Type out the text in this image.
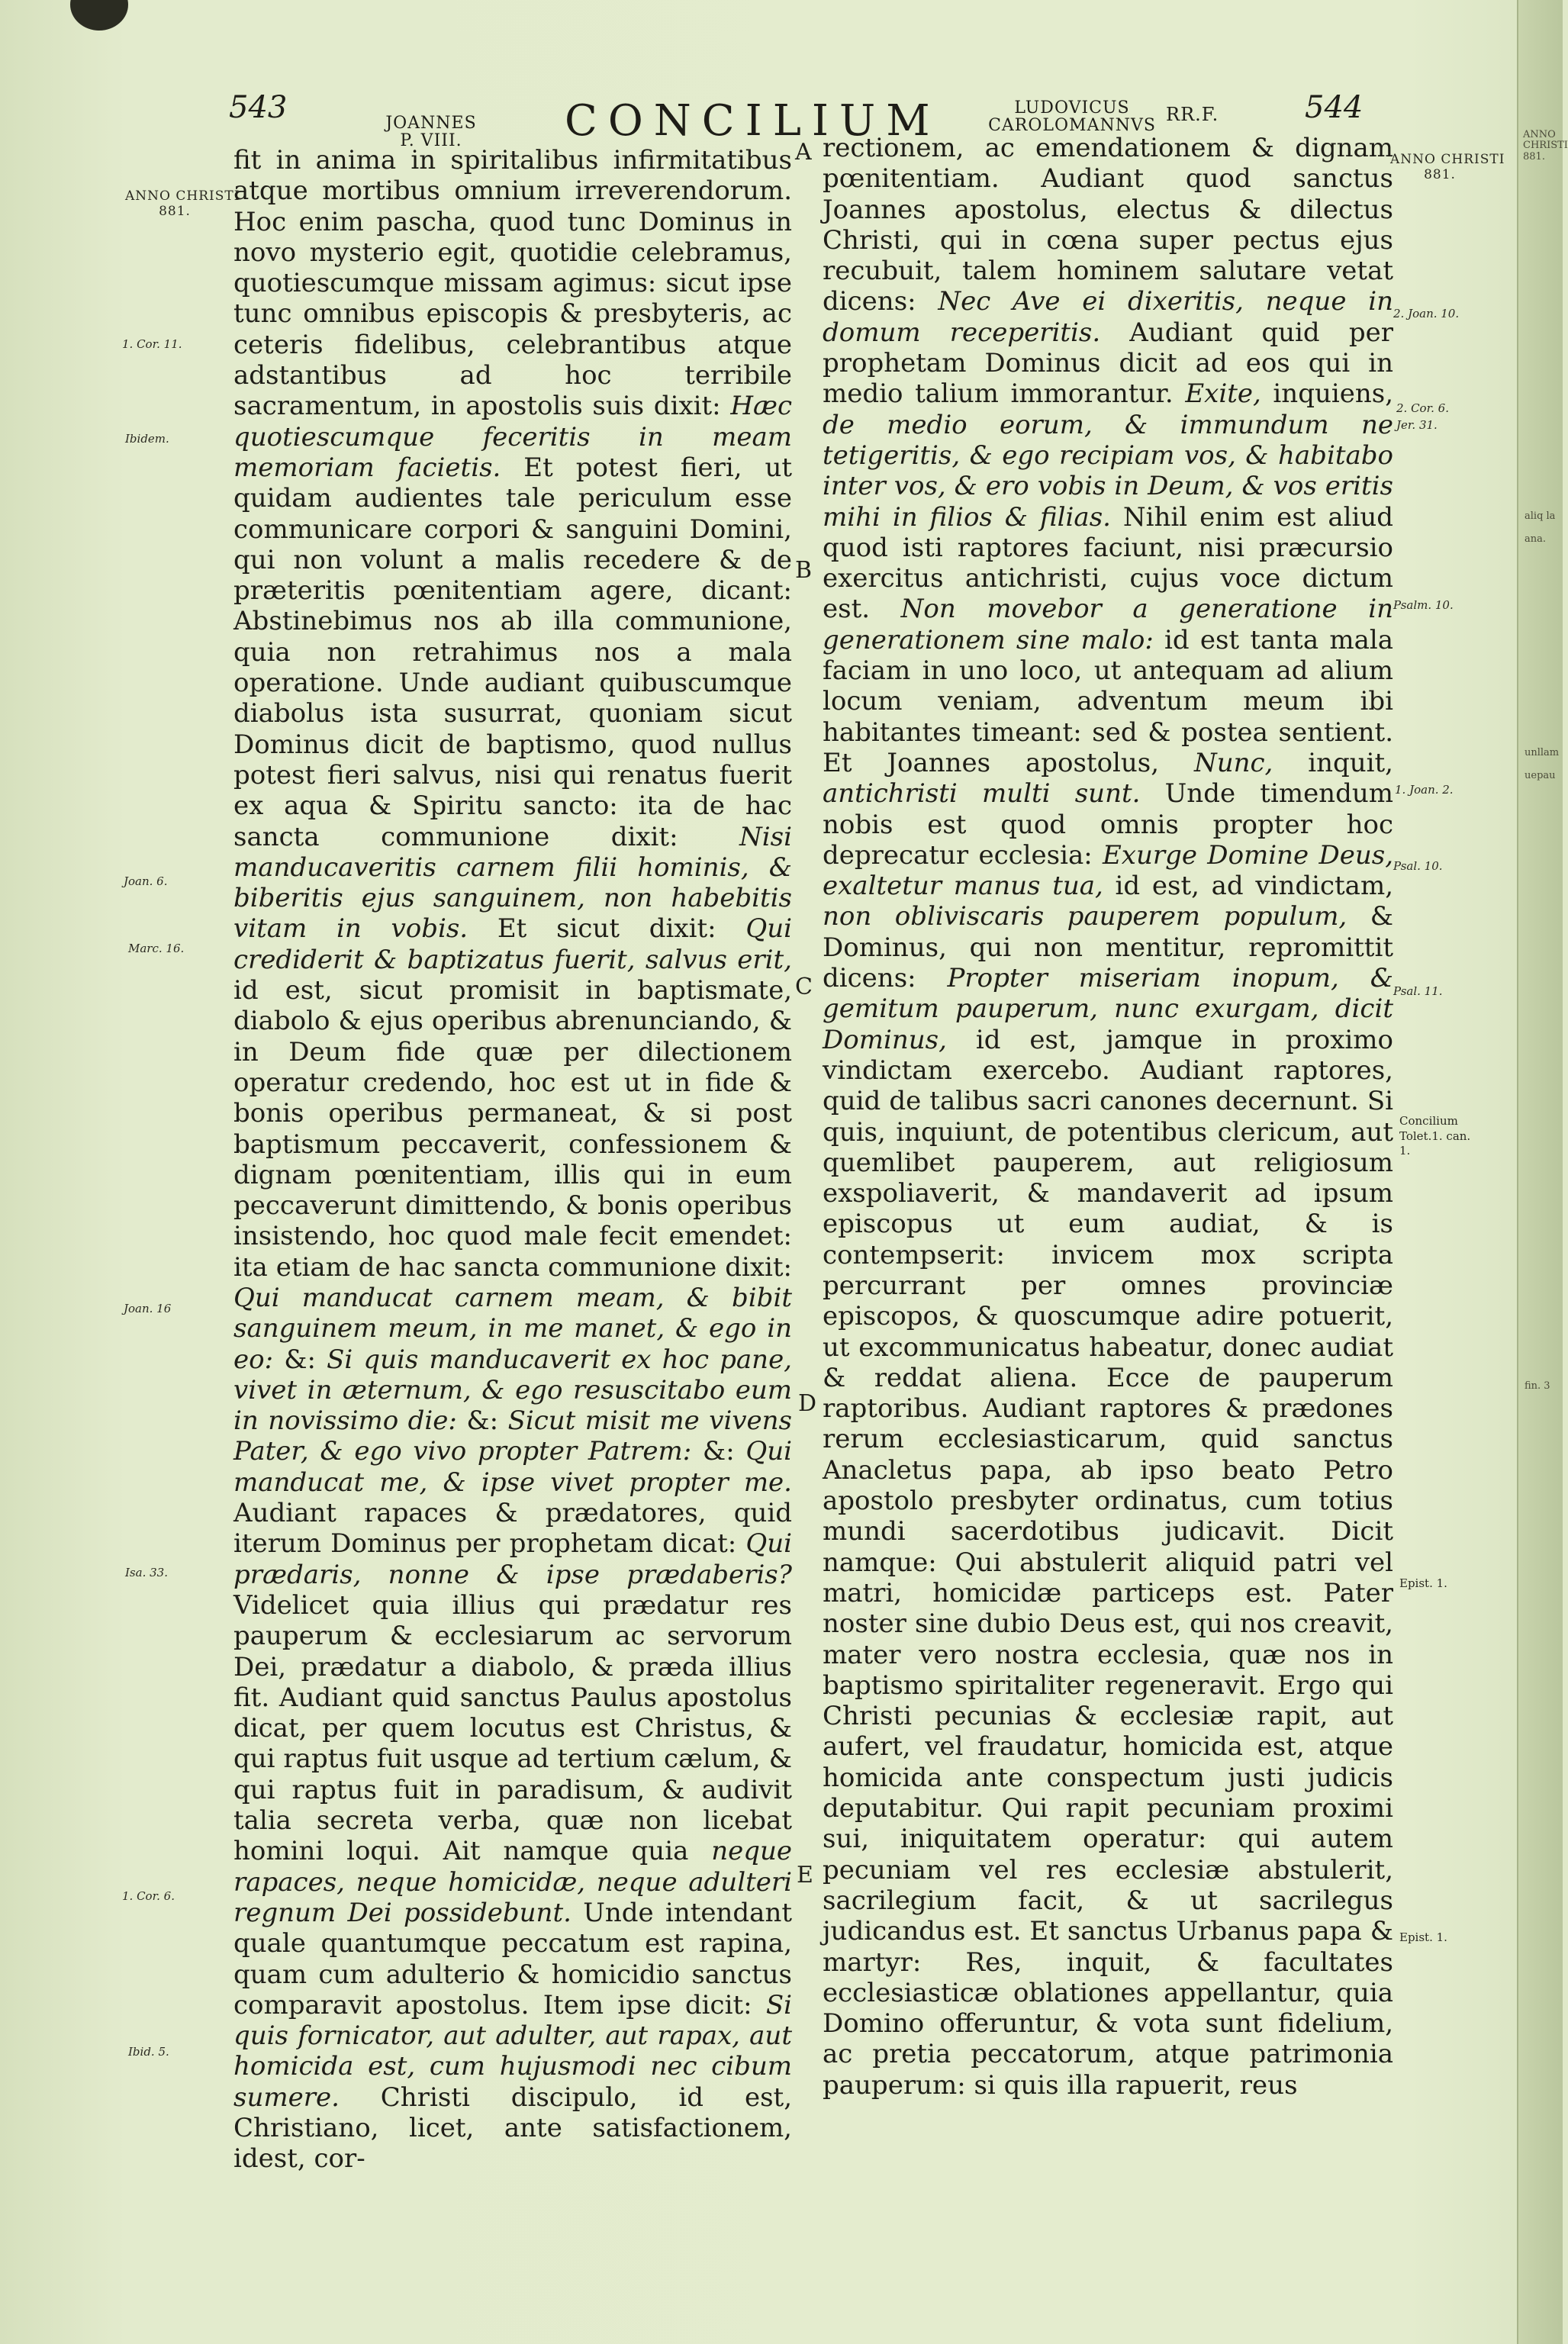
ANNO CHRISTI 881.
aliq la
ana.
unllam
uepau
fin. 3
543	JOANNES
P. VIII.	CONCILIUM	LUDOVICUS
CAROLOMANNVS
RR.F.	544
ANNO CHRISTI
881.
1. Cor. 11.
Ibidem.
Joan. 6.
Marc. 16.
Joan. 16
Isa. 33.
1. Cor. 6.
Ibid. 5.
ANNO CHRISTI
881.
2. Joan. 10.
2. Cor. 6.
Jer. 31.
Psalm. 10.
1. Joan. 2.
Psal. 10.
Psal. 11.
Concilium Tolet.1. can. 1.
Epist. 1.
Epist. 1.
A
B
C
D
E

fit in anima in spiritalibus infirmitatibus atque mortibus omnium irreverendorum. Hoc enim pascha, quod tunc Dominus in novo mysterio egit, quotidie celebramus, quotiescumque missam agimus: sicut ipse tunc omnibus episcopis & presbyteris, ac ceteris fidelibus, celebrantibus atque adstantibus ad hoc terribile sacramentum, in apostolis suis dixit: Hæc quotiescumque feceritis in meam memoriam facietis. Et potest fieri, ut quidam audientes tale periculum esse communicare corpori & sanguini Domini, qui non volunt a malis recedere & de præteritis pœnitentiam agere, dicant: Abstinebimus nos ab illa communione, quia non retrahimus nos a mala operatione. Unde audiant quibuscumque diabolus ista susurrat, quoniam sicut Dominus dicit de baptismo, quod nullus potest fieri salvus, nisi qui renatus fuerit ex aqua & Spiritu sancto: ita de hac sancta communione dixit: Nisi manducaveritis carnem filii hominis, & biberitis ejus sanguinem, non habebitis vitam in vobis. Et sicut dixit: Qui crediderit & baptizatus fuerit, salvus erit, id est, sicut promisit in baptismate, diabolo & ejus operibus abrenunciando, & in Deum fide quæ per dilectionem operatur credendo, hoc est ut in fide & bonis operibus permaneat, & si post baptismum peccaverit, confessionem & dignam pœnitentiam, illis qui in eum peccaverunt dimittendo, & bonis operibus insistendo, hoc quod male fecit emendet: ita etiam de hac sancta communione dixit: Qui manducat carnem meam, & bibit sanguinem meum, in me manet, & ego in eo: &: Si quis manducaverit ex hoc pane, vivet in æternum, & ego resuscitabo eum in novissimo die: &: Sicut misit me vivens Pater, & ego vivo propter Patrem: &: Qui manducat me, & ipse vivet propter me. Audiant rapaces & prædatores, quid iterum Dominus per prophetam dicat: Qui prædaris, nonne & ipse prædaberis? Videlicet quia illius qui prædatur res pauperum & ecclesiarum ac servorum Dei, prædatur a diabolo, & præda illius fit. Audiant quid sanctus Paulus apostolus dicat, per quem locutus est Christus, & qui raptus fuit usque ad tertium cælum, & qui raptus fuit in paradisum, & audivit talia secreta verba, quæ non licebat homini loqui. Ait namque quia neque rapaces, neque homicidæ, neque adulteri regnum Dei possidebunt. Unde intendant quale quantumque peccatum est rapina, quam cum adulterio & homicidio sanctus comparavit apostolus. Item ipse dicit: Si quis fornicator, aut adulter, aut rapax, aut homicida est, cum hujusmodi nec cibum sumere. Christi discipulo, id est, Christiano, licet, ante satisfactionem, idest, cor-

rectionem, ac emendationem & dignam pœnitentiam. Audiant quod sanctus Joannes apostolus, electus & dilectus Christi, qui in cœna super pectus ejus recubuit, talem hominem salutare vetat dicens: Nec Ave ei dixeritis, neque in domum receperitis. Audiant quid per prophetam Dominus dicit ad eos qui in medio talium immorantur. Exite, inquiens, de medio eorum, & immundum ne tetigeritis, & ego recipiam vos, & habitabo inter vos, & ero vobis in Deum, & vos eritis mihi in filios & filias. Nihil enim est aliud quod isti raptores faciunt, nisi præcursio exercitus antichristi, cujus voce dictum est. Non movebor a generatione in generationem sine malo: id est tanta mala faciam in uno loco, ut antequam ad alium locum veniam, adventum meum ibi habitantes timeant: sed & postea sentient. Et Joannes apostolus, Nunc, inquit, antichristi multi sunt. Unde timendum nobis est quod omnis propter hoc deprecatur ecclesia: Exurge Domine Deus, exaltetur manus tua, id est, ad vindictam, non obliviscaris pauperem populum, & Dominus, qui non mentitur, repromittit dicens: Propter miseriam inopum, & gemitum pauperum, nunc exurgam, dicit Dominus, id est, jamque in proximo vindictam exercebo. Audiant raptores, quid de talibus sacri canones decernunt. Si quis, inquiunt, de potentibus clericum, aut quemlibet pauperem, aut religiosum exspoliaverit, & mandaverit ad ipsum episcopus ut eum audiat, & is contempserit: invicem mox scripta percurrant per omnes provinciæ episcopos, & quoscumque adire potuerit, ut excommunicatus habeatur, donec audiat & reddat aliena. Ecce de pauperum raptoribus. Audiant raptores & prædones rerum ecclesiasticarum, quid sanctus Anacletus papa, ab ipso beato Petro apostolo presbyter ordinatus, cum totius mundi sacerdotibus judicavit. Dicit namque: Qui abstulerit aliquid patri vel matri, homicidæ particeps est. Pater noster sine dubio Deus est, qui nos creavit, mater vero nostra ecclesia, quæ nos in baptismo spiritaliter regeneravit. Ergo qui Christi pecunias & ecclesiæ rapit, aut aufert, vel fraudatur, homicida est, atque homicida ante conspectum justi judicis deputabitur. Qui rapit pecuniam proximi sui, iniquitatem operatur: qui autem pecuniam vel res ecclesiæ abstulerit, sacrilegium facit, & ut sacrilegus judicandus est. Et sanctus Urbanus papa & martyr: Res, inquit, & facultates ecclesiasticæ oblationes appellantur, quia Domino offeruntur, & vota sunt fidelium, ac pretia peccatorum, atque patrimonia pauperum: si quis illa rapuerit, reus
